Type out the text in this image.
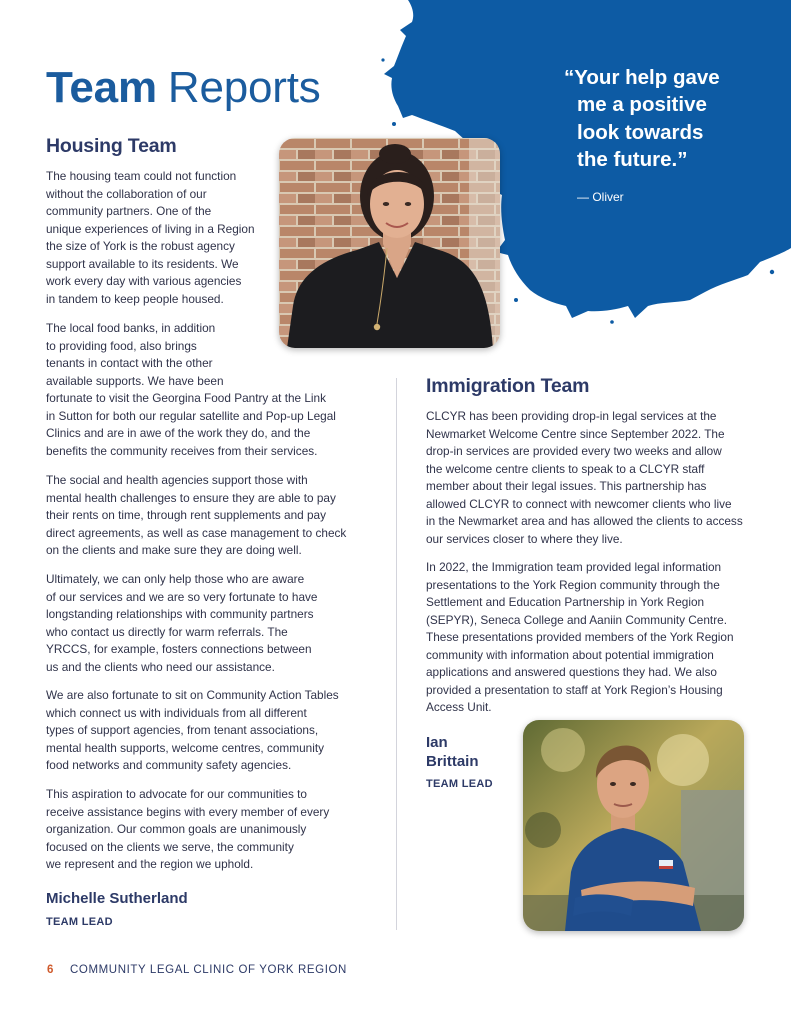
Team Reports	“Your help gave
me a positive
look towards
the future.”
— Oliver
Housing Team
The housing team could not function
without the collaboration of our
community partners. One of the
unique experiences of living in a Region
the size of York is the robust agency
support available to its residents. We
work every day with various agencies
in tandem to keep people housed.
The local food banks, in addition
to providing food, also brings
tenants in contact with the other
available supports. We have been
fortunate to visit the Georgina Food Pantry at the Link
in Sutton for both our regular satellite and Pop-up Legal
Clinics and are in awe of the work they do, and the
benefits the community receives from their services.
The social and health agencies support those with
mental health challenges to ensure they are able to pay
their rents on time, through rent supplements and pay
direct agreements, as well as case management to check
on the clients and make sure they are doing well.
Ultimately, we can only help those who are aware
of our services and we are so very fortunate to have
longstanding relationships with community partners
who contact us directly for warm referrals. The
YRCCS, for example, fosters connections between
us and the clients who need our assistance.
We are also fortunate to sit on Community Action Tables
which connect us with individuals from all different
types of support agencies, from tenant associations,
mental health supports, welcome centres, community
food networks and community safety agencies.
This aspiration to advocate for our communities to
receive assistance begins with every member of every
organization. Our common goals are unanimously
focused on the clients we serve, the community
we represent and the region we uphold.
Michelle Sutherland
TEAM LEAD
Immigration Team
CLCYR has been providing drop-in legal services at the
Newmarket Welcome Centre since September 2022. The
drop-in services are provided every two weeks and allow
the welcome centre clients to speak to a CLCYR staff
member about their legal issues. This partnership has
allowed CLCYR to connect with newcomer clients who live
in the Newmarket area and has allowed the clients to access
our services closer to where they live.
In 2022, the Immigration team provided legal information
presentations to the York Region community through the
Settlement and Education Partnership in York Region
(SEPYR), Seneca College and Aaniin Community Centre.
These presentations provided members of the York Region
community with information about potential immigration
applications and answered questions they had. We also
provided a presentation to staff at York Region’s Housing
Access Unit.
Ian
Brittain
TEAM LEAD
6 COMMUNITY LEGAL CLINIC OF YORK REGION
